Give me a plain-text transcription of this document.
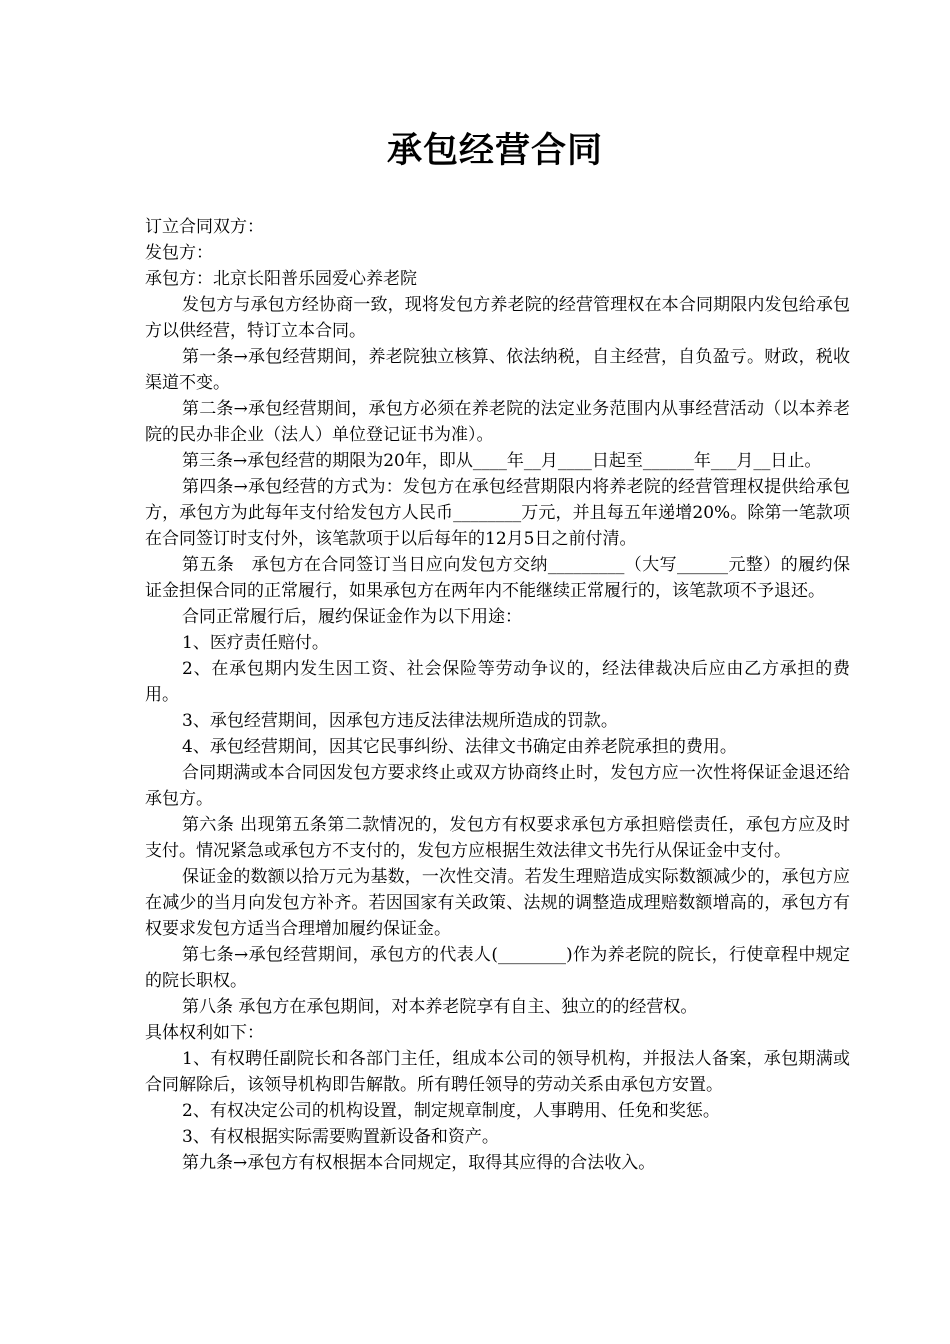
承包经营合同

订立合同双方：

发包方：

承包方：北京长阳普乐园爱心养老院

发包方与承包方经协商一致，现将发包方养老院的经营管理权在本合同期限内发包给承包方以供经营，特订立本合同。

第一条→承包经营期间，养老院独立核算、依法纳税，自主经营，自负盈亏。财政，税收渠道不变。

第二条→承包经营期间，承包方必须在养老院的法定业务范围内从事经营活动（以本养老院的民办非企业（法人）单位登记证书为准）。

第三条→承包经营的期限为20年，即从____年__月____日起至______年___月__日止。

第四条→承包经营的方式为：发包方在承包经营期限内将养老院的经营管理权提供给承包方，承包方为此每年支付给发包方人民币________万元，并且每五年递增20%。除第一笔款项在合同签订时支付外，该笔款项于以后每年的12月5日之前付清。

第五条　承包方在合同签订当日应向发包方交纳_________（大写______元整）的履约保证金担保合同的正常履行，如果承包方在两年内不能继续正常履行的，该笔款项不予退还。

合同正常履行后，履约保证金作为以下用途：

1、医疗责任赔付。

2、在承包期内发生因工资、社会保险等劳动争议的，经法律裁决后应由乙方承担的费用。

3、承包经营期间，因承包方违反法律法规所造成的罚款。

4、承包经营期间，因其它民事纠纷、法律文书确定由养老院承担的费用。

合同期满或本合同因发包方要求终止或双方协商终止时，发包方应一次性将保证金退还给承包方。

第六条 出现第五条第二款情况的，发包方有权要求承包方承担赔偿责任，承包方应及时支付。情况紧急或承包方不支付的，发包方应根据生效法律文书先行从保证金中支付。

保证金的数额以拾万元为基数，一次性交清。若发生理赔造成实际数额减少的，承包方应在减少的当月向发包方补齐。若因国家有关政策、法规的调整造成理赔数额增高的，承包方有权要求发包方适当合理增加履约保证金。

第七条→承包经营期间，承包方的代表人(________)作为养老院的院长，行使章程中规定的院长职权。

第八条 承包方在承包期间，对本养老院享有自主、独立的的经营权。

具体权利如下：

1、有权聘任副院长和各部门主任，组成本公司的领导机构，并报法人备案，承包期满或合同解除后，该领导机构即告解散。所有聘任领导的劳动关系由承包方安置。

2、有权决定公司的机构设置，制定规章制度，人事聘用、任免和奖惩。

3、有权根据实际需要购置新设备和资产。

第九条→承包方有权根据本合同规定，取得其应得的合法收入。
